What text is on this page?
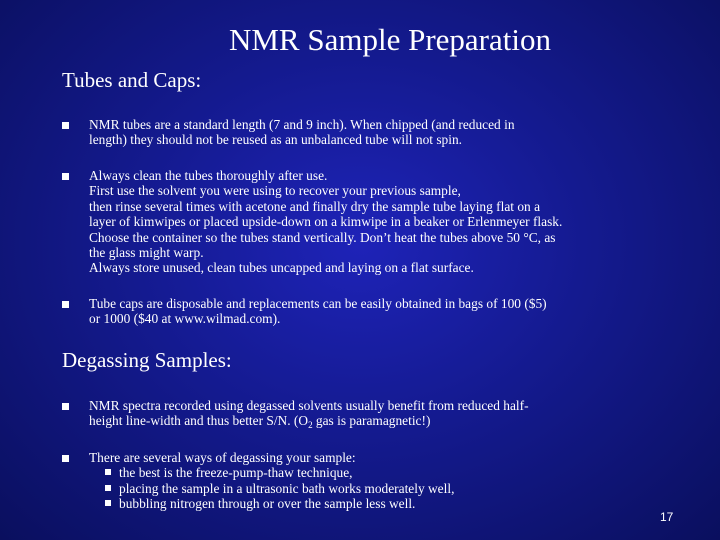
NMR Sample Preparation
Tubes and Caps:
NMR tubes are a standard length (7 and 9 inch). When chipped (and reduced in
length) they should not be reused as an unbalanced tube will not spin.
Always clean the tubes thoroughly after use.
First use the solvent you were using to recover your previous sample,
then rinse several times with acetone and finally dry the sample tube laying flat on a
layer of kimwipes or placed upside-down on a kimwipe in a beaker or Erlenmeyer flask.
Choose the container so the tubes stand vertically. Don’t heat the tubes above 50 °C, as
the glass might warp.
Always store unused, clean tubes uncapped and laying on a flat surface.
Tube caps are disposable and replacements can be easily obtained in bags of 100 ($5)
or 1000 ($40 at www.wilmad.com).
Degassing Samples:
NMR spectra recorded using degassed solvents usually benefit from reduced half-
height line-width and thus better S/N. ($O_2$ gas is paramagnetic!)
There are several ways of degassing your sample:
the best is the freeze-pump-thaw technique,
placing the sample in a ultrasonic bath works moderately well,
bubbling nitrogen through or over the sample less well.
17
